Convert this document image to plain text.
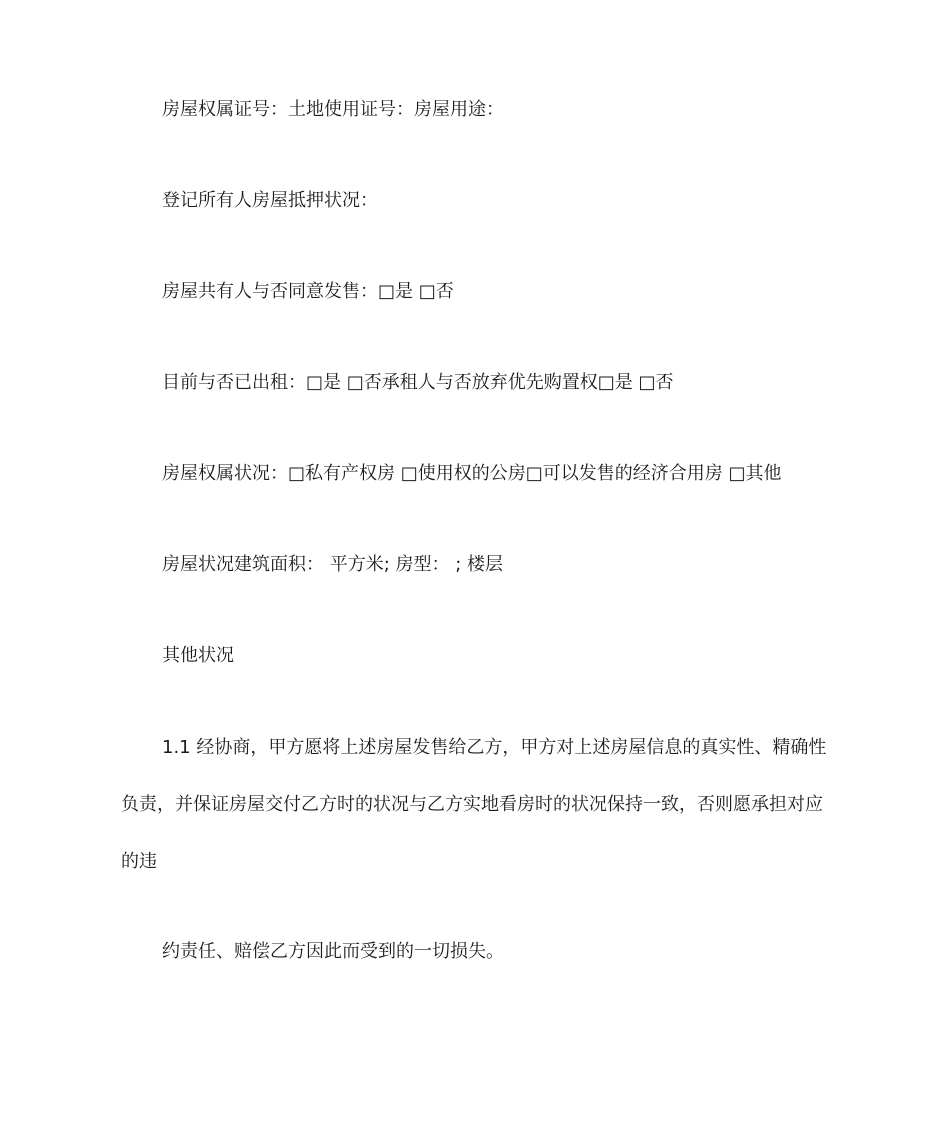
房屋权属证号：土地使用证号：房屋用途：
登记所有人房屋抵押状况：
房屋共有人与否同意发售：□是 □否
目前与否已出租：□是 □否承租人与否放弃优先购置权□是 □否
房屋权属状况：□私有产权房 □使用权的公房□可以发售的经济合用房 □其他
房屋状况建筑面积： 平方米; 房型： ; 楼层
其他状况
1.1 经协商，甲方愿将上述房屋发售给乙方，甲方对上述房屋信息的真实性、精确性
负责，并保证房屋交付乙方时的状况与乙方实地看房时的状况保持一致，否则愿承担对应
的违
约责任、赔偿乙方因此而受到的一切损失。
